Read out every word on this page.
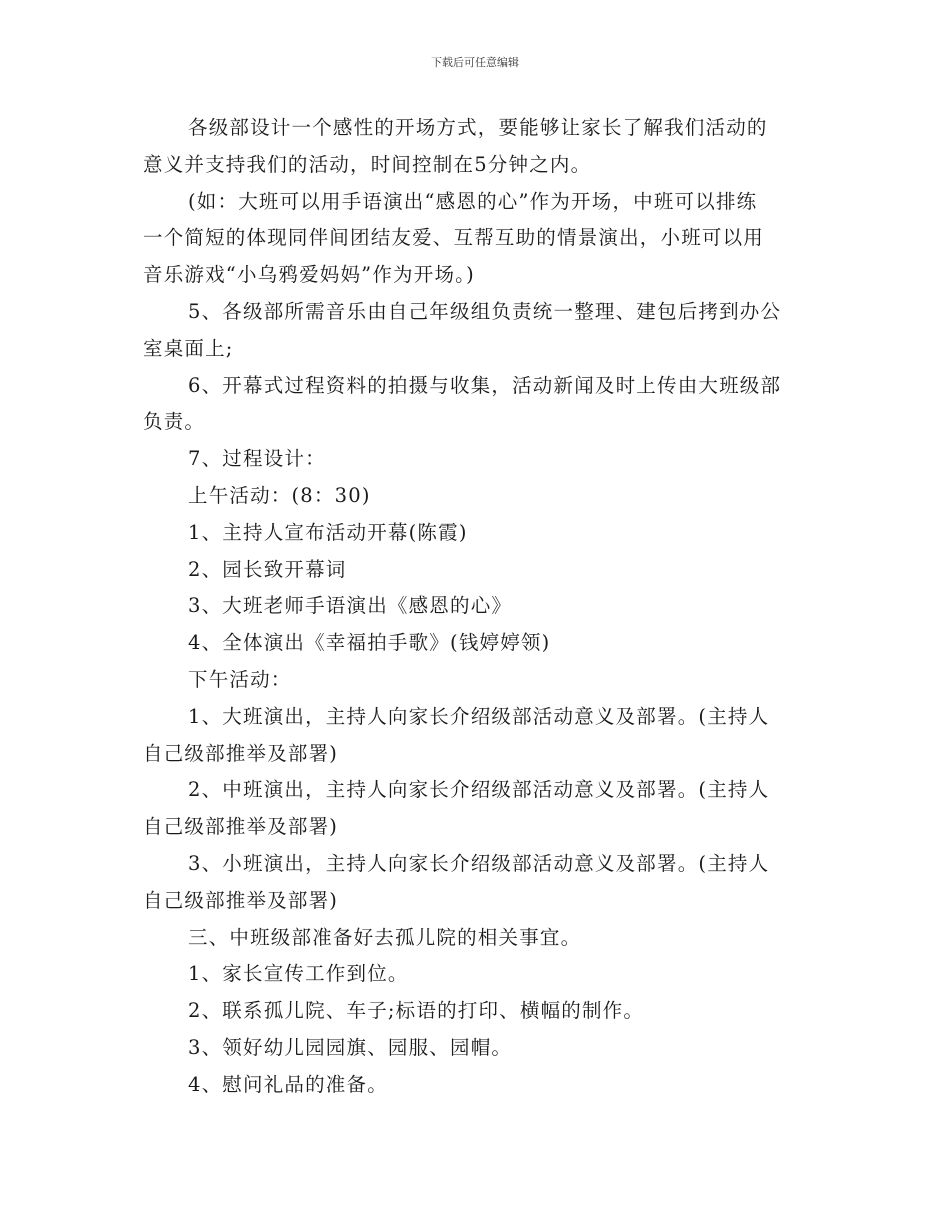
下载后可任意编辑
各级部设计一个感性的开场方式，要能够让家长了解我们活动的
意义并支持我们的活动，时间控制在5分钟之内。
(如：大班可以用手语演出“感恩的心”作为开场，中班可以排练
一个简短的体现同伴间团结友爱、互帮互助的情景演出，小班可以用
音乐游戏“小乌鸦爱妈妈”作为开场。)
5、各级部所需音乐由自己年级组负责统一整理、建包后拷到办公
室桌面上;
6、开幕式过程资料的拍摄与收集，活动新闻及时上传由大班级部
负责。
7、过程设计：
上午活动：(8：30)
1、主持人宣布活动开幕(陈霞)
2、园长致开幕词
3、大班老师手语演出《感恩的心》
4、全体演出《幸福拍手歌》(钱婷婷领)
下午活动：
1、大班演出，主持人向家长介绍级部活动意义及部署。(主持人
自己级部推举及部署)
2、中班演出，主持人向家长介绍级部活动意义及部署。(主持人
自己级部推举及部署)
3、小班演出，主持人向家长介绍级部活动意义及部署。(主持人
自己级部推举及部署)
三、中班级部准备好去孤儿院的相关事宜。
1、家长宣传工作到位。
2、联系孤儿院、车子;标语的打印、横幅的制作。
3、领好幼儿园园旗、园服、园帽。
4、慰问礼品的准备。
